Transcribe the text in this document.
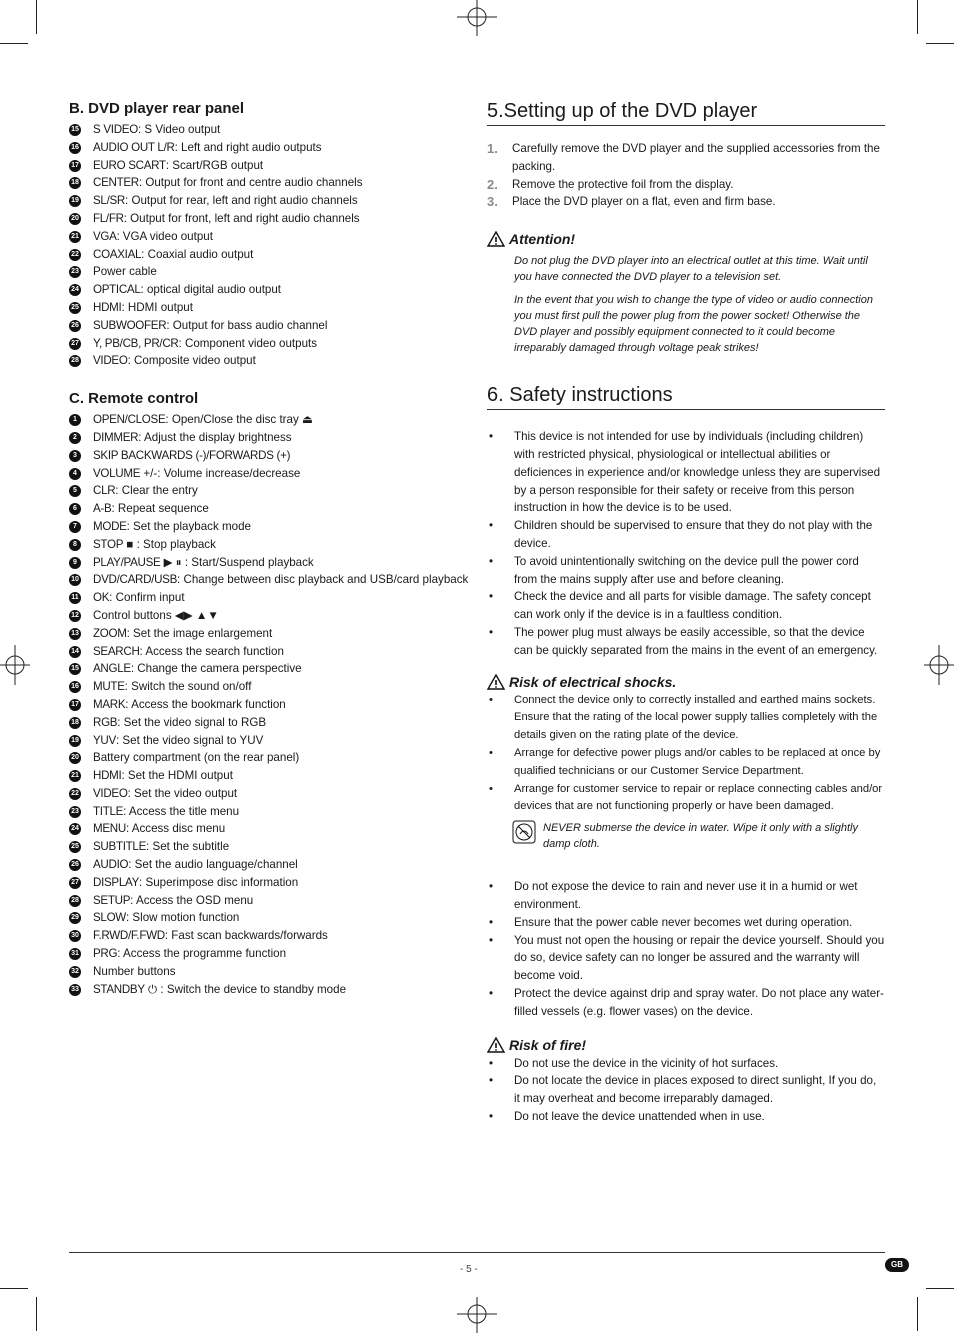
B. DVD player rear panel
15 S VIDEO: S Video output
16 AUDIO OUT L/R: Left and right audio outputs
17 EURO SCART: Scart/RGB output
18 CENTER: Output for front and centre audio channels
19 SL/SR: Output for rear, left and right audio channels
20 FL/FR: Output for front, left and right audio channels
21 VGA: VGA video output
22 COAXIAL: Coaxial audio output
23 Power cable
24 OPTICAL: optical digital audio output
25 HDMI: HDMI output
26 SUBWOOFER: Output for bass audio channel
27 Y, PB/CB, PR/CR: Component video outputs
28 VIDEO: Composite video output
C. Remote control
1	OPEN/CLOSE: Open/Close the disc tray ⏏
2	DIMMER: Adjust the display brightness
3	SKIP BACKWARDS (-)/FORWARDS (+)
4	VOLUME +/-: Volume increase/decrease
5	CLR: Clear the entry
6	A-B: Repeat sequence
7	MODE: Set the playback mode
8	STOP ■ : Stop playback
9	PLAY/PAUSE ▶ ⏸ : Start/Suspend playback
10 DVD/CARD/USB: Change between disc playback and USB/card playback
11 OK: Confirm input
12 Control buttons ◀▶ ▲▼
13 ZOOM: Set the image enlargement
14 SEARCH: Access the search function
15 ANGLE: Change the camera perspective
16 MUTE: Switch the sound on/off
17 MARK: Access the bookmark function
18 RGB: Set the video signal to RGB
19 YUV: Set the video signal to YUV
20 Battery compartment (on the rear panel)
21 HDMI: Set the HDMI output
22 VIDEO: Set the video output
23 TITLE: Access the title menu
24 MENU: Access disc menu
25 SUBTITLE: Set the subtitle
26 AUDIO: Set the audio language/channel
27 DISPLAY: Superimpose disc information
28 SETUP: Access the OSD menu
29 SLOW: Slow motion function
30 F.RWD/F.FWD: Fast scan backwards/forwards
31 PRG: Access the programme function
32 Number buttons
33 STANDBY ⏻ : Switch the device to standby mode
5.Setting up of the DVD player
1.	Carefully remove the DVD player and the supplied accessories from the packing.
2.	Remove the protective foil from the display.
3.	Place the DVD player on a flat, even and firm base.
Attention!

Do not plug the DVD player into an electrical outlet at this time. Wait until you have connected the DVD player to a television set.

In the event that you wish to change the type of video or audio connection you must first pull the power plug from the power socket! Otherwise the DVD player and possibly equipment connected to it could become irreparably damaged through voltage peak strikes!

6. Safety instructions
•	This device is not intended for use by individuals (including children) with restricted physical, physiological or intellectual abilities or deficiences in experience and/or knowledge unless they are supervised by a person responsible for their safety or receive from this person instruction in how the device is to be used.
•	Children should be supervised to ensure that they do not play with the device.
•	To avoid unintentionally switching on the device pull the power cord from the mains supply after use and before cleaning.
•	Check the device and all parts for visible damage. The safety concept can work only if the device is in a faultless condition.
•	The power plug must always be easily accessible, so that the device can be quickly separated from the mains in the event of an emergency.
Risk of electrical shocks.
•	Connect the device only to correctly installed and earthed mains sockets. Ensure that the rating of the local power supply tallies completely with the details given on the rating plate of the device.
•	Arrange for defective power plugs and/or cables to be replaced at once by qualified technicians or our Customer Service Department.
•	Arrange for customer service to repair or replace connecting cables and/or devices that are not functioning properly or have been damaged.
NEVER submerse the device in water. Wipe it only with a slightly damp cloth.
•	Do not expose the device to rain and never use it in a humid or wet environment.
•	Ensure that the power cable never becomes wet during operation.
•	You must not open the housing or repair the device yourself. Should you do so, device safety can no longer be assured and the warranty will become void.
•	Protect the device against drip and spray water. Do not place any water-filled vessels (e.g. flower vases) on the device.
Risk of fire!
•	Do not use the device in the vicinity of hot surfaces.
•	Do not locate the device in places exposed to direct sunlight, If you do, it may overheat and become irreparably damaged.
•	Do not leave the device unattended when in use.
- 5 -	GB
